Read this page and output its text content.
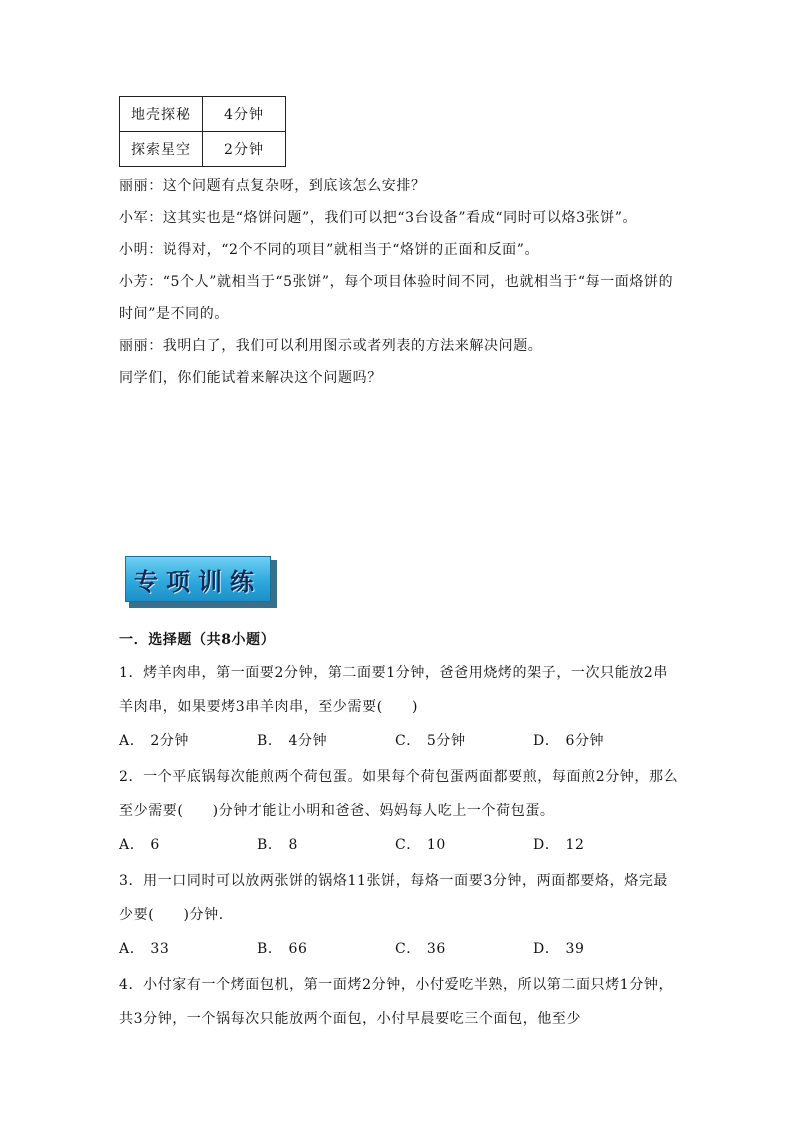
地壳探秘	4分钟
探索星空	2分钟

丽丽：这个问题有点复杂呀，到底该怎么安排？

小军：这其实也是“烙饼问题”，我们可以把“3台设备”看成“同时可以烙3张饼”。

小明：说得对，“2个不同的项目”就相当于“烙饼的正面和反面”。

小芳：“5个人”就相当于“5张饼”，每个项目体验时间不同，也就相当于“每一面烙饼的时间”是不同的。

丽丽：我明白了，我们可以利用图示或者列表的方法来解决问题。

同学们，你们能试着来解决这个问题吗？

专项训练

一．选择题（共8小题）

1．烤羊肉串，第一面要2分钟，第二面要1分钟，爸爸用烧烤的架子，一次只能放2串羊肉串，如果要烤3串羊肉串，至少需要(　　)

A． 2分钟	B． 4分钟	C． 5分钟	D． 6分钟

2．一个平底锅每次能煎两个荷包蛋。如果每个荷包蛋两面都要煎，每面煎2分钟，那么至少需要(　　)分钟才能让小明和爸爸、妈妈每人吃上一个荷包蛋。

A． 6	B． 8	C． 10	D． 12

3．用一口同时可以放两张饼的锅烙11张饼，每烙一面要3分钟，两面都要烙，烙完最少要(　　)分钟．

A． 33	B． 66	C． 36	D． 39

4．小付家有一个烤面包机，第一面烤2分钟，小付爱吃半熟，所以第二面只烤1分钟，共3分钟，一个锅每次只能放两个面包，小付早晨要吃三个面包，他至少
